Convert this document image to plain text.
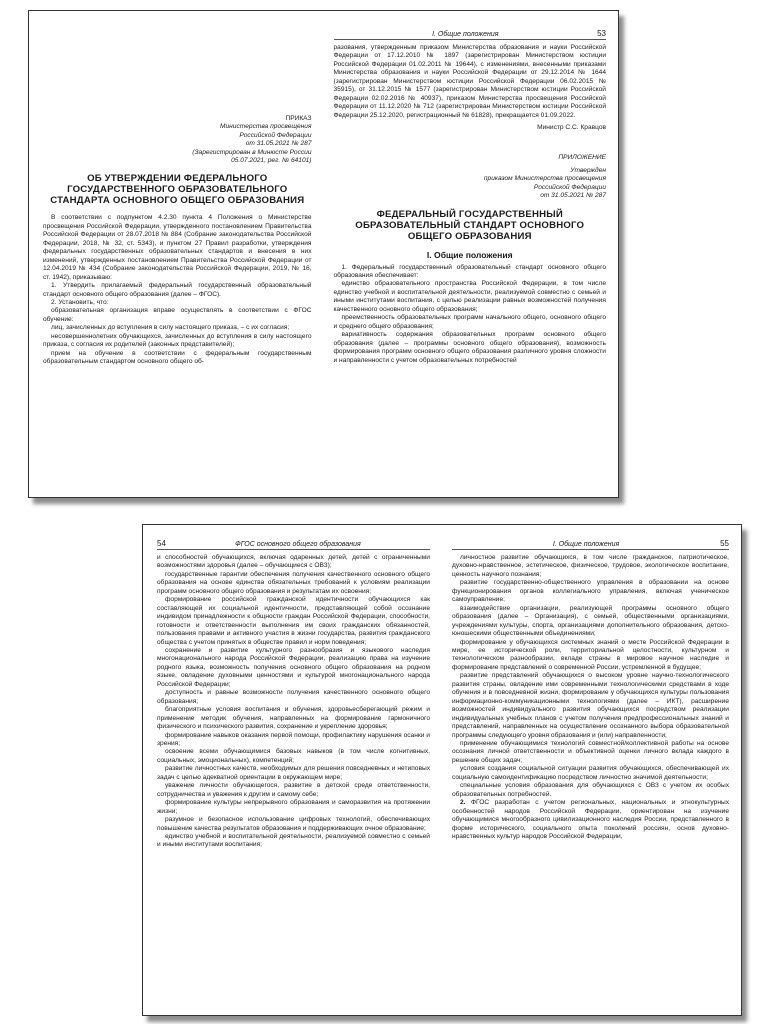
ПРИКАЗ

Министерства просвещения

Российской Федерации

от 31.05.2021 № 287

(Зарегистрирован в Минюсте России

05.07.2021, рег. № 64101)

ОБ УТВЕРЖДЕНИИ ФЕДЕРАЛЬНОГО ГОСУДАРСТВЕННОГО ОБРАЗОВАТЕЛЬНОГО СТАНДАРТА ОСНОВНОГО ОБЩЕГО ОБРАЗОВАНИЯ

В соответствии с подпунктом 4.2.30 пункта 4 Положения о Министерстве просвещения Российской Федерации, утвержденного постановлением Правительства Российской Федерации от 28.07.2018 № 884 (Собрание законодательства Российской Федерации, 2018, № 32, ст. 5343), и пунктом 27 Правил разработки, утверждения федеральных государственных образовательных стандартов и внесения в них изменений, утвержденных постановлением Правительства Российской Федерации от 12.04.2019 № 434 (Собрание законодательства Российской Федерации, 2019, № 16, ст. 1942), приказываю:

1. Утвердить прилагаемый федеральный государственный образовательный стандарт основного общего образования (далее – ФГОС).

2. Установить, что:

образовательная организация вправе осуществлять в соответствии с ФГОС обучение:

лиц, зачисленных до вступления в силу настоящего приказа, – с их согласия;

несовершеннолетних обучающихся, зачисленных до вступления в силу настоящего приказа, с согласия их родителей (законных представителей);

прием на обучение в соответствии с федеральным государственным образовательным стандартом основного общего об-

I. Общие положения	53

разования, утвержденным приказом Министерства образования и науки Российской Федерации от 17.12.2010 № 1897 (зарегистрирован Министерством юстиции Российской Федерации 01.02.2011 № 19644), с изменениями, внесенными приказами Министерства образования и науки Российской Федерации от 29.12.2014 № 1644 (зарегистрирован Министерством юстиции Российской Федерации 06.02.2015 № 35915), от 31.12.2015 № 1577 (зарегистрирован Министерством юстиции Российской Федерации 02.02.2016 № 40937), приказом Министерства просвещения Российской Федерации от 11.12.2020 № 712 (зарегистрирован Министерством юстиции Российской Федерации 25.12.2020, регистрационный № 61828), прекращается 01.09.2022.

Министр С.С. Кравцов

ПРИЛОЖЕНИЕ

Утвержден

приказом Министерства просвещения

Российской Федерации

от 31.05.2021 № 287

ФЕДЕРАЛЬНЫЙ ГОСУДАРСТВЕННЫЙ ОБРАЗОВАТЕЛЬНЫЙ СТАНДАРТ ОСНОВНОГО ОБЩЕГО ОБРАЗОВАНИЯ
I. Общие положения

1. Федеральный государственный образовательный стандарт основного общего образования обеспечивает:

единство образовательного пространства Российской Федерации, в том числе единство учебной и воспитательной деятельности, реализуемой совместно с семьей и иными институтами воспитания, с целью реализации равных возможностей получения качественного основного общего образования;

преемственность образовательных программ начального общего, основного общего и среднего общего образования;

вариативность содержания образовательных программ основного общего образования (далее – программы основного общего образования), возможность формирования программ основного общего образования различного уровня сложности и направленности с учетом образовательных потребностей

54	ФГОС основного общего образования

и способностей обучающихся, включая одаренных детей, детей с ограниченными возможностями здоровья (далее – обучающиеся с ОВЗ);

государственные гарантии обеспечения получения качественного основного общего образования на основе единства обязательных требований к условиям реализации программ основного общего образования и результатам их освоения;

формирование российской гражданской идентичности обучающихся как составляющей их социальной идентичности, представляющей собой осознание индивидом принадлежности к общности граждан Российской Федерации, способности, готовности и ответственности выполнения им своих гражданских обязанностей, пользования правами и активного участия в жизни государства, развития гражданского общества с учетом принятых в обществе правил и норм поведения;

сохранение и развитие культурного разнообразия и языкового наследия многонационального народа Российской Федерации, реализацию права на изучение родного языка, возможность получения основного общего образования на родном языке, овладение духовными ценностями и культурой многонационального народа Российской Федерации;

доступность и равные возможности получения качественного основного общего образования;

благоприятные условия воспитания и обучения, здоровьесберегающий режим и применение методик обучения, направленных на формирование гармоничного физического и психического развития, сохранение и укрепление здоровья;

формирование навыков оказания первой помощи, профилактику нарушения осанки и зрения;

освоение всеми обучающимися базовых навыков (в том числе когнитивных, социальных, эмоциональных), компетенций;

развитие личностных качеств, необходимых для решения повседневных и нетиповых задач с целью адекватной ориентации в окружающем мире;

уважение личности обучающегося, развитие в детской среде ответственности, сотрудничества и уважения к другим и самому себе;

формирование культуры непрерывного образования и саморазвития на протяжении жизни;

разумное и безопасное использование цифровых технологий, обеспечивающих повышение качества результатов образования и поддерживающих очное образование;

единство учебной и воспитательной деятельности, реализуемой совместно с семьей и иными институтами воспитания;

I. Общие положения	55

личностное развитие обучающихся, в том числе гражданское, патриотическое, духовно-нравственное, эстетическое, физическое, трудовое, экологическое воспитание, ценность научного познания;

развитие государственно-общественного управления в образовании на основе функционирования органов коллегиального управления, включая ученическое самоуправление;

взаимодействие организации, реализующей программы основного общего образования (далее – Организация), с семьей, общественными организациями, учреждениями культуры, спорта, организациями дополнительного образования, детско-юношескими общественными объединениями;

формирование у обучающихся системных знаний о месте Российской Федерации в мире, ее исторической роли, территориальной целостности, культурном и технологическом разнообразии, вкладе страны в мировое научное наследие и формирование представлений о современной России, устремленной в будущее;

развитие представлений обучающихся о высоком уровне научно-технологического развития страны, овладение ими современными технологическими средствами в ходе обучения и в повседневной жизни, формирование у обучающихся культуры пользования информационно-коммуникационными технологиями (далее – ИКТ), расширение возможностей индивидуального развития обучающихся посредством реализации индивидуальных учебных планов с учетом получения предпрофессиональных знаний и представлений, направленных на осуществление осознанного выбора образовательной программы следующего уровня образования и (или) направленности;

применение обучающимися технологий совместной/коллективной работы на основе осознания личной ответственности и объективной оценки личного вклада каждого в решение общих задач;

условия создания социальной ситуации развития обучающихся, обеспечивающей их социальную самоидентификацию посредством личностно значимой деятельности;

специальные условия образования для обучающихся с ОВЗ с учетом их особых образовательных потребностей.

2. ФГОС разработан с учетом региональных, национальных и этнокультурных особенностей народов Российской Федерации, ориентирован на изучение обучающимися многообразного цивилизационного наследия России, представленного в форме исторического, социального опыта поколений россиян, основ духовно-нравственных культур народов Российской Федерации,
